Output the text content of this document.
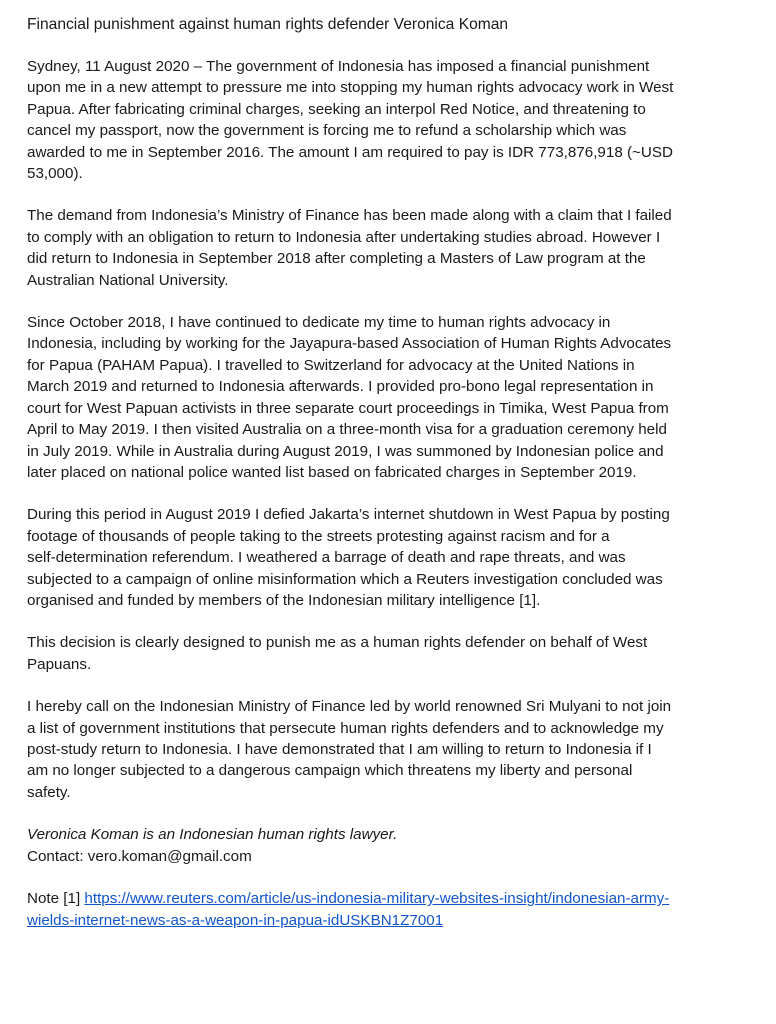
Financial punishment against human rights defender Veronica Koman

Sydney, 11 August 2020 – The government of Indonesia has imposed a financial punishment
upon me in a new attempt to pressure me into stopping my human rights advocacy work in West
Papua. After fabricating criminal charges, seeking an interpol Red Notice, and threatening to
cancel my passport, now the government is forcing me to refund a scholarship which was
awarded to me in September 2016. The amount I am required to pay is IDR 773,876,918 (~USD
53,000).
The demand from Indonesia’s Ministry of Finance has been made along with a claim that I failed
to comply with an obligation to return to Indonesia after undertaking studies abroad. However I
did return to Indonesia in September 2018 after completing a Masters of Law program at the
Australian National University.
Since October 2018, I have continued to dedicate my time to human rights advocacy in
Indonesia, including by working for the Jayapura-based Association of Human Rights Advocates
for Papua (PAHAM Papua). I travelled to Switzerland for advocacy at the United Nations in
March 2019 and returned to Indonesia afterwards. I provided pro-bono legal representation in
court for West Papuan activists in three separate court proceedings in Timika, West Papua from
April to May 2019. I then visited Australia on a three-month visa for a graduation ceremony held
in July 2019. While in Australia during August 2019, I was summoned by Indonesian police and
later placed on national police wanted list based on fabricated charges in September 2019.
During this period in August 2019 I defied Jakarta’s internet shutdown in West Papua by posting
footage of thousands of people taking to the streets protesting against racism and for a
self-determination referendum. I weathered a barrage of death and rape threats, and was
subjected to a campaign of online misinformation which a Reuters investigation concluded was
organised and funded by members of the Indonesian military intelligence [1].
This decision is clearly designed to punish me as a human rights defender on behalf of West
Papuans.
I hereby call on the Indonesian Ministry of Finance led by world renowned Sri Mulyani to not join
a list of government institutions that persecute human rights defenders and to acknowledge my
post-study return to Indonesia. I have demonstrated that I am willing to return to Indonesia if I
am no longer subjected to a dangerous campaign which threatens my liberty and personal
safety.
Veronica Koman is an Indonesian human rights lawyer.
Contact: vero.koman@gmail.com
Note [1] https://www.reuters.com/article/us-indonesia-military-websites-insight/indonesian-army-
wields-internet-news-as-a-weapon-in-papua-idUSKBN1Z7001
